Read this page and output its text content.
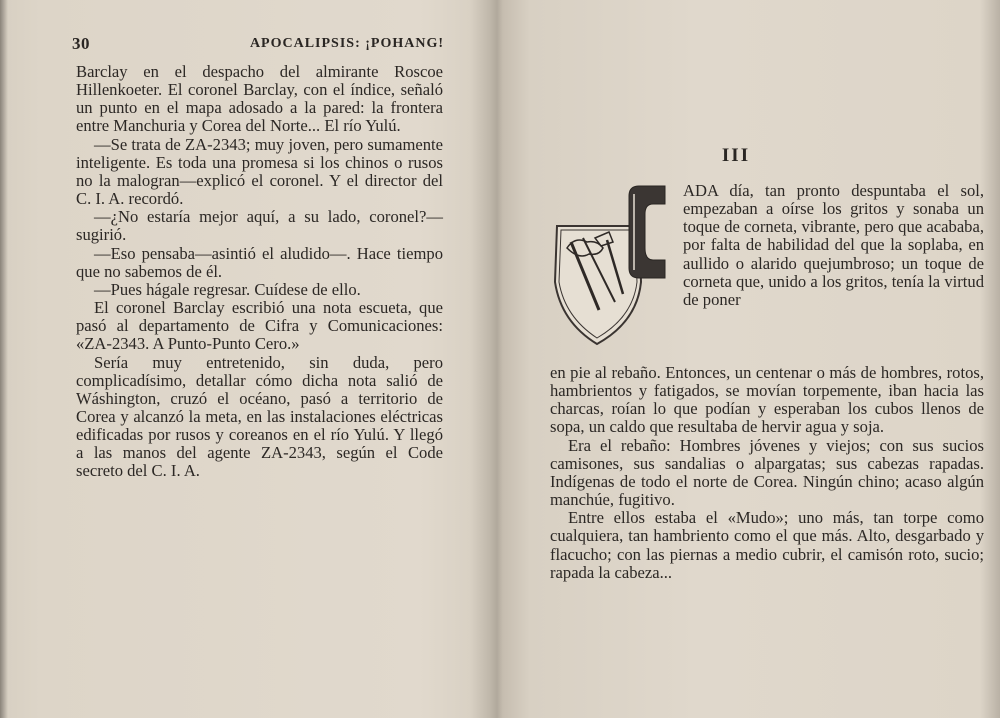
30	APOCALIPSIS: ¡POHANG!

Barclay en el despacho del almirante Roscoe Hillenkoeter. El coronel Barclay, con el índice, señaló un punto en el mapa adosado a la pared: la frontera entre Manchuria y Corea del Norte... El río Yulú.

—Se trata de ZA-2343; muy joven, pero sumamente inteligente. Es toda una promesa si los chinos o rusos no la malogran—explicó el coronel. Y el director del C. I. A. recordó.

—¿No estaría mejor aquí, a su lado, coronel?—sugirió.

—Eso pensaba—asintió el aludido—. Hace tiempo que no sabemos de él.

—Pues hágale regresar. Cuídese de ello.

El coronel Barclay escribió una nota escueta, que pasó al departamento de Cifra y Comunicaciones: «ZA-2343. A Punto-Punto Cero.»

Sería muy entretenido, sin duda, pero complicadísimo, detallar cómo dicha nota salió de Wáshington, cruzó el océano, pasó a territorio de Corea y alcanzó la meta, en las instalaciones eléctricas edificadas por rusos y coreanos en el río Yulú. Y llegó a las manos del agente ZA-2343, según el Code secreto del C. I. A.

III
C
ADA día, tan pronto despuntaba el sol, empezaban a oírse los gritos y sonaba un toque de corneta, vibrante, pero que acababa, por falta de habilidad del que la soplaba, en aullido o alarido quejumbroso; un toque de corneta que, unido a los gritos, tenía la virtud de poner

en pie al rebaño. Entonces, un centenar o más de hombres, rotos, hambrientos y fatigados, se movían torpemente, iban hacia las charcas, roían lo que podían y esperaban los cubos llenos de sopa, un caldo que resultaba de hervir agua y soja.

Era el rebaño: Hombres jóvenes y viejos; con sus sucios camisones, sus sandalias o alpargatas; sus cabezas rapadas. Indígenas de todo el norte de Corea. Ningún chino; acaso algún manchúe, fugitivo.

Entre ellos estaba el «Mudo»; uno más, tan torpe como cualquiera, tan hambriento como el que más. Alto, desgarbado y flacucho; con las piernas a medio cubrir, el camisón roto, sucio; rapada la cabeza...
